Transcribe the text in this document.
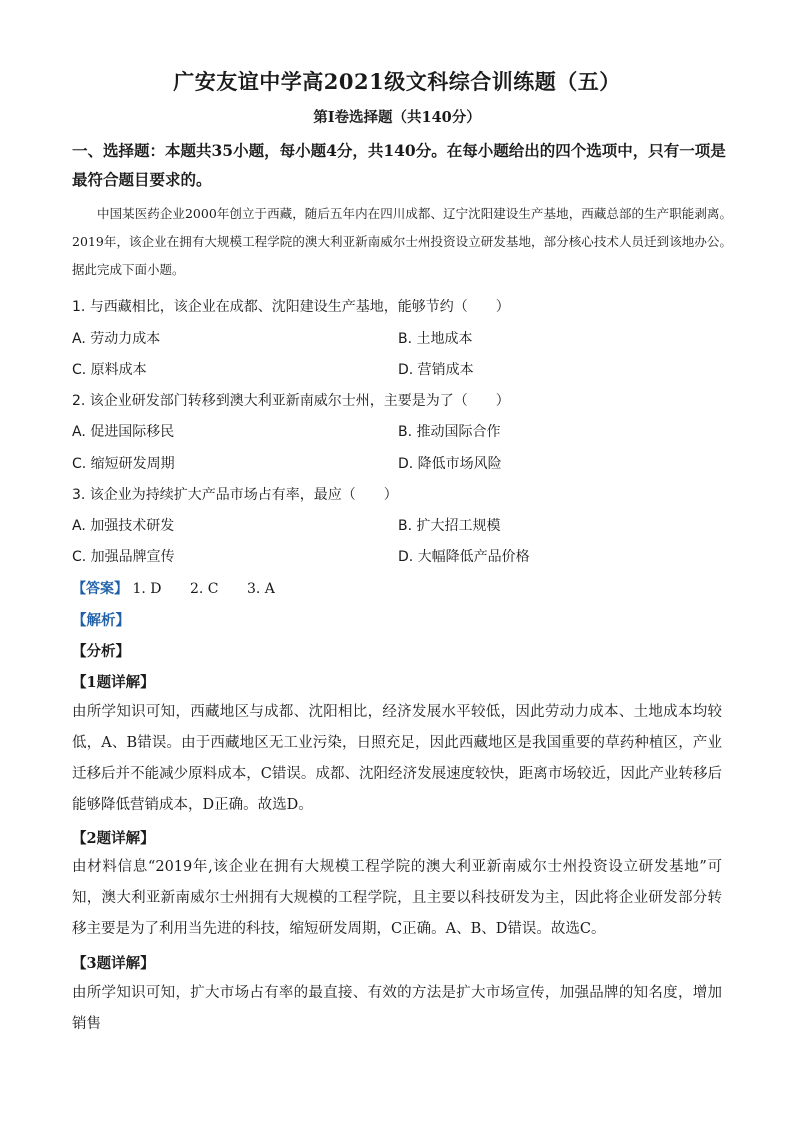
广安友谊中学高2021级文科综合训练题（五）
第Ⅰ卷选择题（共140分）
一、选择题：本题共35小题，每小题4分，共140分。在每小题给出的四个选项中，只有一项是最符合题目要求的。
中国某医药企业2000年创立于西藏，随后五年内在四川成都、辽宁沈阳建设生产基地，西藏总部的生产职能剥离。2019年，该企业在拥有大规模工程学院的澳大利亚新南威尔士州投资设立研发基地，部分核心技术人员迁到该地办公。据此完成下面小题。
1. 与西藏相比，该企业在成都、沈阳建设生产基地，能够节约（　　）
A. 劳动力成本	B. 土地成本
C. 原料成本	D. 营销成本
2. 该企业研发部门转移到澳大利亚新南威尔士州，主要是为了（　　）
A. 促进国际移民	B. 推动国际合作
C. 缩短研发周期	D. 降低市场风险
3. 该企业为持续扩大产品市场占有率，最应（　　）
A. 加强技术研发	B. 扩大招工规模
C. 加强品牌宣传	D. 大幅降低产品价格
【答案】 1. D 2. C 3. A
【解析】
【分析】
【1题详解】
由所学知识可知，西藏地区与成都、沈阳相比，经济发展水平较低，因此劳动力成本、土地成本均较低，A、B错误。由于西藏地区无工业污染，日照充足，因此西藏地区是我国重要的草药种植区，产业迁移后并不能减少原料成本，C错误。成都、沈阳经济发展速度较快，距离市场较近，因此产业转移后能够降低营销成本，D正确。故选D。
【2题详解】
由材料信息“2019年,该企业在拥有大规模工程学院的澳大利亚新南威尔士州投资设立研发基地”可知，澳大利亚新南威尔士州拥有大规模的工程学院，且主要以科技研发为主，因此将企业研发部分转移主要是为了利用当先进的科技，缩短研发周期，C正确。A、B、D错误。故选C。
【3题详解】
由所学知识可知，扩大市场占有率的最直接、有效的方法是扩大市场宣传，加强品牌的知名度，增加销售
